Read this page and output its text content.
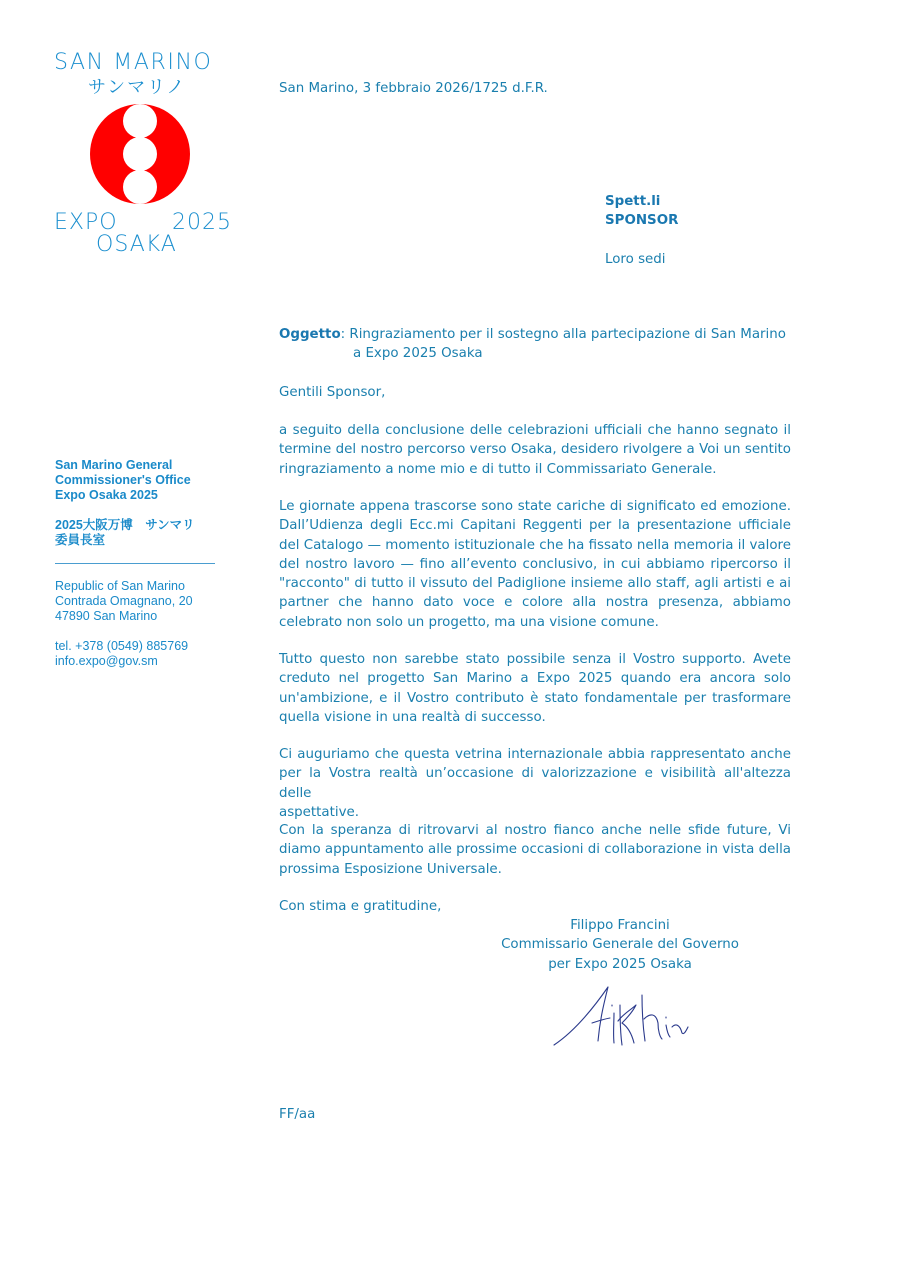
SAN MARINO
サンマリノ
EXPO 2025
OSAKA
San Marino General
Commissioner's Office
Expo Osaka 2025
2025大阪万博　サンマリ
委員長室
Republic of San Marino
Contrada Omagnano, 20
47890 San Marino
tel. +378 (0549) 885769
info.expo@gov.sm
San Marino, 3 febbraio 2026/1725 d.F.R.
Spett.li
SPONSOR
Loro sedi
Oggetto: Ringraziamento per il sostegno alla partecipazione di San Marino
a Expo 2025 Osaka
Gentili Sponsor,
a seguito della conclusione delle celebrazioni ufficiali che hanno segnato il
termine del nostro percorso verso Osaka, desidero rivolgere a Voi un sentito
ringraziamento a nome mio e di tutto il Commissariato Generale.
Le giornate appena trascorse sono state cariche di significato ed emozione.
Dall’Udienza degli Ecc.mi Capitani Reggenti per la presentazione ufficiale
del Catalogo — momento istituzionale che ha fissato nella memoria il valore
del nostro lavoro — fino all’evento conclusivo, in cui abbiamo ripercorso il
"racconto" di tutto il vissuto del Padiglione insieme allo staff, agli artisti e ai
partner che hanno dato voce e colore alla nostra presenza, abbiamo
celebrato non solo un progetto, ma una visione comune.
Tutto questo non sarebbe stato possibile senza il Vostro supporto. Avete
creduto nel progetto San Marino a Expo 2025 quando era ancora solo
un'ambizione, e il Vostro contributo è stato fondamentale per trasformare
quella visione in una realtà di successo.
Ci auguriamo che questa vetrina internazionale abbia rappresentato anche
per la Vostra realtà un’occasione di valorizzazione e visibilità all'altezza delle
aspettative.
Con la speranza di ritrovarvi al nostro fianco anche nelle sfide future, Vi
diamo appuntamento alle prossime occasioni di collaborazione in vista della
prossima Esposizione Universale.
Con stima e gratitudine,
Filippo Francini
Commissario Generale del Governo
per Expo 2025 Osaka
FF/aa
